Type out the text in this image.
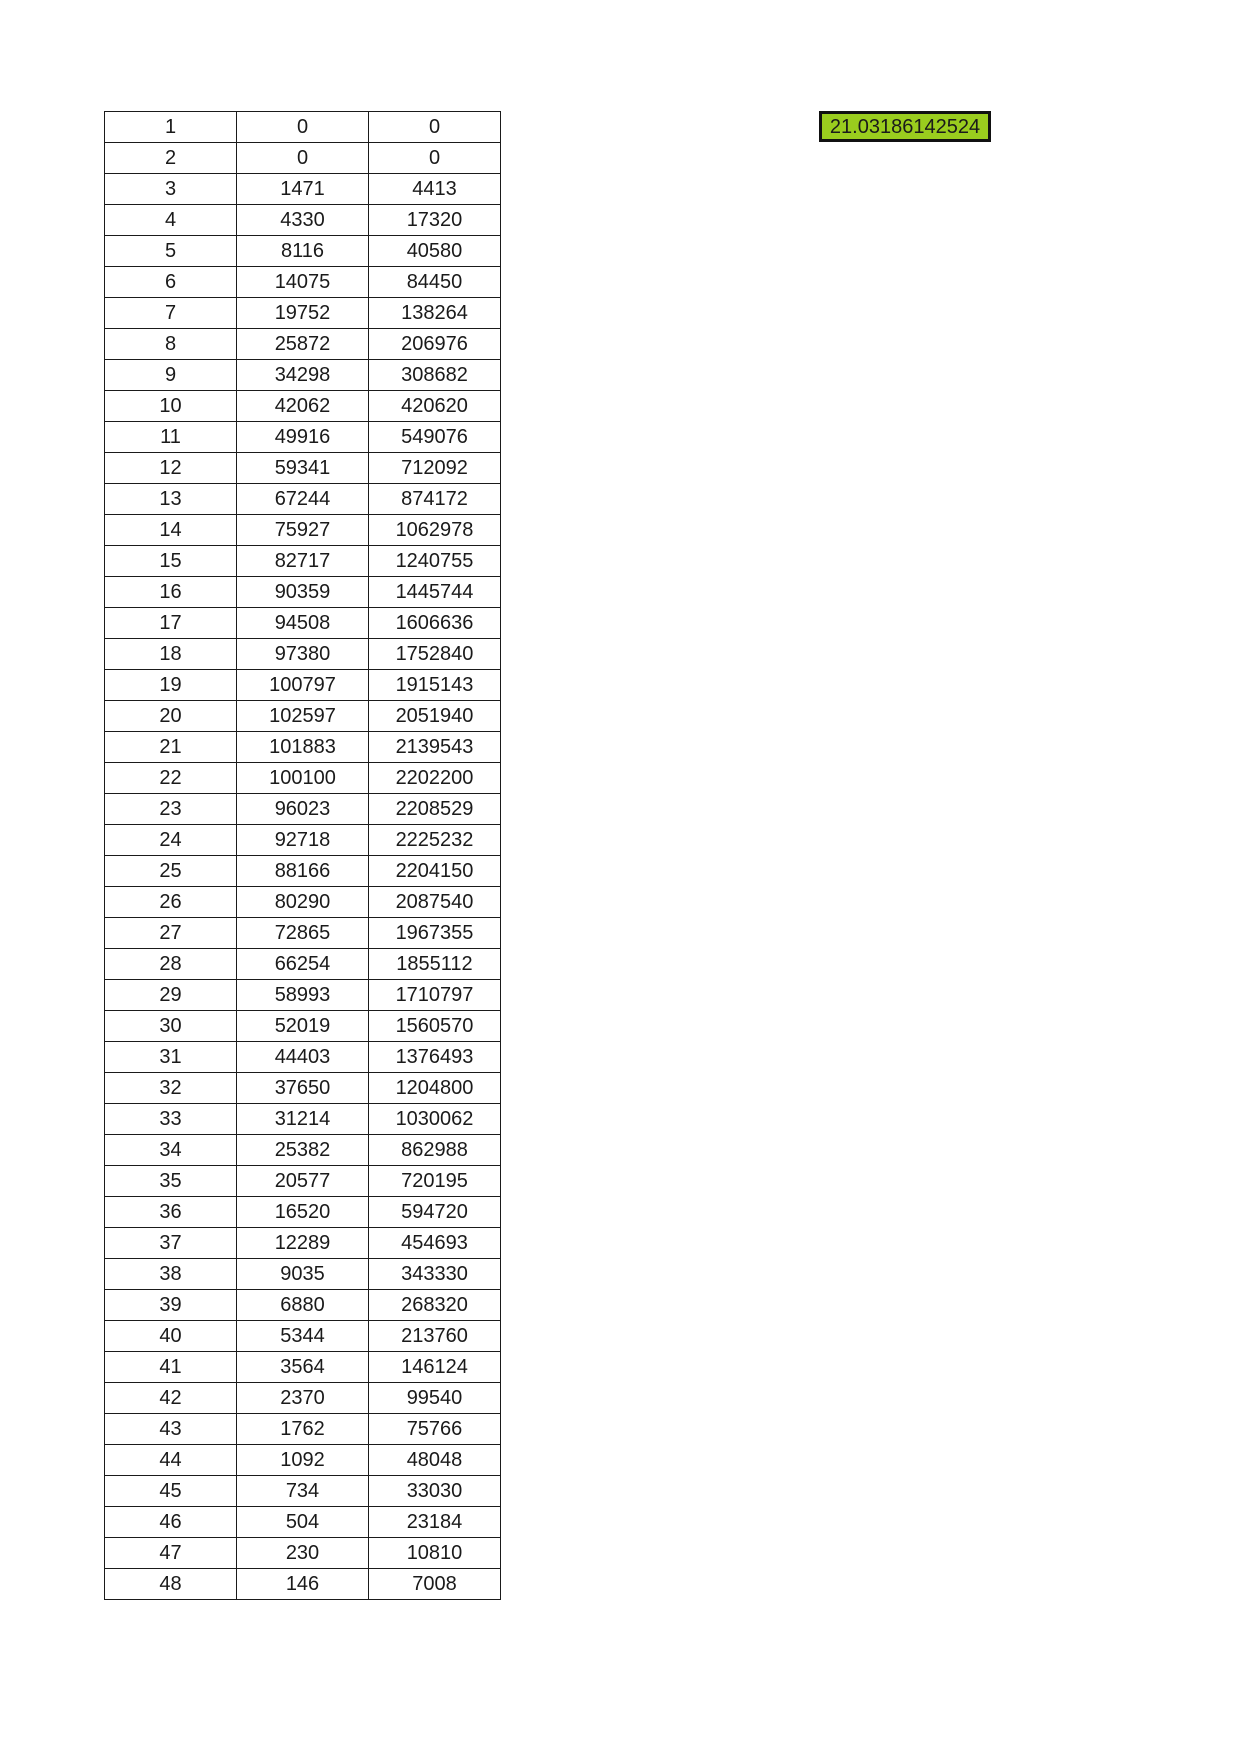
1	0	0
2	0	0
3	1471	4413
4	4330	17320
5	8116	40580
6	14075	84450
7	19752	138264
8	25872	206976
9	34298	308682
10	42062	420620
11	49916	549076
12	59341	712092
13	67244	874172
14	75927	1062978
15	82717	1240755
16	90359	1445744
17	94508	1606636
18	97380	1752840
19	100797	1915143
20	102597	2051940
21	101883	2139543
22	100100	2202200
23	96023	2208529
24	92718	2225232
25	88166	2204150
26	80290	2087540
27	72865	1967355
28	66254	1855112
29	58993	1710797
30	52019	1560570
31	44403	1376493
32	37650	1204800
33	31214	1030062
34	25382	862988
35	20577	720195
36	16520	594720
37	12289	454693
38	9035	343330
39	6880	268320
40	5344	213760
41	3564	146124
42	2370	99540
43	1762	75766
44	1092	48048
45	734	33030
46	504	23184
47	230	10810
48	146	7008
21.03186142524
